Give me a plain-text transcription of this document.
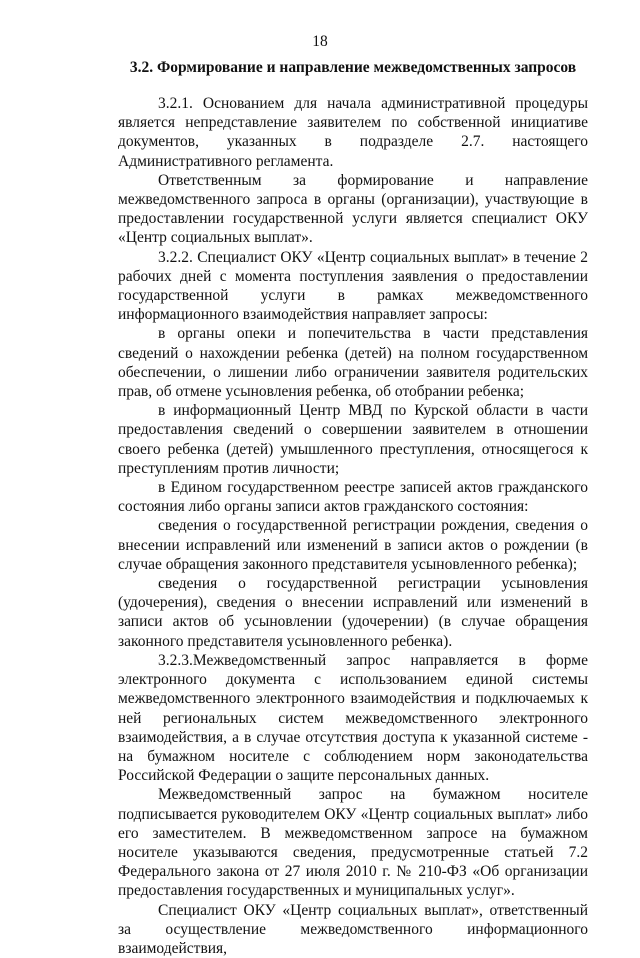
18
3.2. Формирование и направление межведомственных запросов

3.2.1. Основанием для начала административной процедуры является непредставление заявителем по собственной инициативе документов, указанных в подразделе 2.7. настоящего Административного регламента.

Ответственным за формирование и направление межведомственного запроса в органы (организации), участвующие в предоставлении государственной услуги является специалист ОКУ «Центр социальных выплат».

3.2.2. Специалист ОКУ «Центр социальных выплат» в течение 2 рабочих дней с момента поступления заявления о предоставлении государственной услуги в рамках межведомственного информационного взаимодействия направляет запросы:

в органы опеки и попечительства в части представления сведений о нахождении ребенка (детей) на полном государственном обеспечении, о лишении либо ограничении заявителя родительских прав, об отмене усыновления ребенка, об отобрании ребенка;

в информационный Центр МВД по Курской области в части предоставления сведений о совершении заявителем в отношении своего ребенка (детей) умышленного преступления, относящегося к преступлениям против личности;

в Едином государственном реестре записей актов гражданского состояния либо органы записи актов гражданского состояния:

сведения о государственной регистрации рождения, сведения о внесении исправлений или изменений в записи актов о рождении (в случае обращения законного представителя усыновленного ребенка);

сведения о государственной регистрации усыновления (удочерения), сведения о внесении исправлений или изменений в записи актов об усыновлении (удочерении) (в случае обращения законного представителя усыновленного ребенка).

3.2.3.Межведомственный запрос направляется в форме электронного документа с использованием единой системы межведомственного электронного взаимодействия и подключаемых к ней региональных систем межведомственного электронного взаимодействия, а в случае отсутствия доступа к указанной системе - на бумажном носителе с соблюдением норм законодательства Российской Федерации о защите персональных данных.

Межведомственный запрос на бумажном носителе подписывается руководителем ОКУ «Центр социальных выплат» либо его заместителем. В межведомственном запросе на бумажном носителе указываются сведения, предусмотренные статьей 7.2 Федерального закона от 27 июля 2010 г. № 210-ФЗ «Об организации предоставления государственных и муниципальных услуг».

Специалист ОКУ «Центр социальных выплат», ответственный за осуществление межведомственного информационного взаимодействия,
